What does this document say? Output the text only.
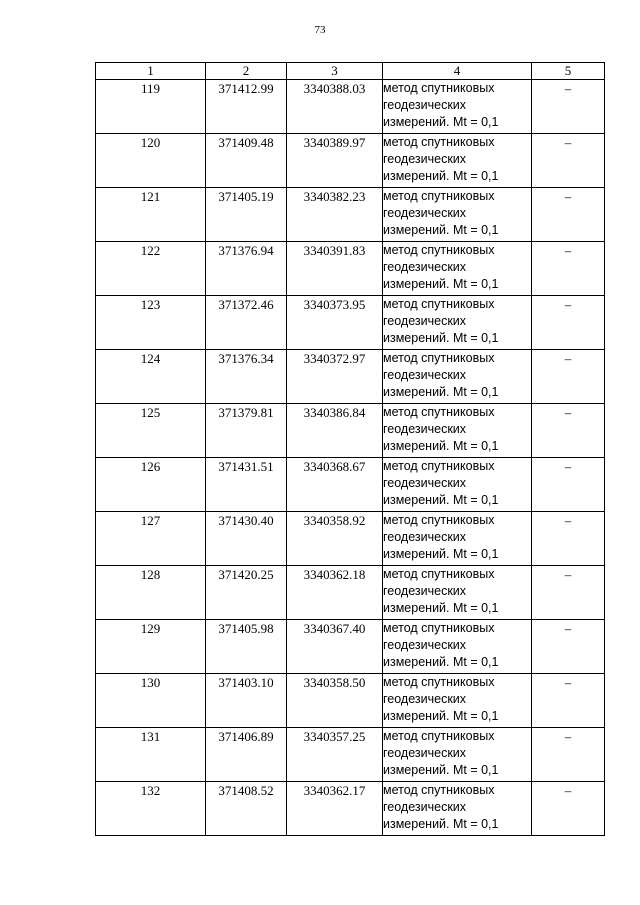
73
1	2	3	4	5
119	371412.99	3340388.03	метод спутниковых
геодезических
измерений. Mt = 0,1	–
120	371409.48	3340389.97	метод спутниковых
геодезических
измерений. Mt = 0,1	–
121	371405.19	3340382.23	метод спутниковых
геодезических
измерений. Mt = 0,1	–
122	371376.94	3340391.83	метод спутниковых
геодезических
измерений. Mt = 0,1	–
123	371372.46	3340373.95	метод спутниковых
геодезических
измерений. Mt = 0,1	–
124	371376.34	3340372.97	метод спутниковых
геодезических
измерений. Mt = 0,1	–
125	371379.81	3340386.84	метод спутниковых
геодезических
измерений. Mt = 0,1	–
126	371431.51	3340368.67	метод спутниковых
геодезических
измерений. Mt = 0,1	–
127	371430.40	3340358.92	метод спутниковых
геодезических
измерений. Mt = 0,1	–
128	371420.25	3340362.18	метод спутниковых
геодезических
измерений. Mt = 0,1	–
129	371405.98	3340367.40	метод спутниковых
геодезических
измерений. Mt = 0,1	–
130	371403.10	3340358.50	метод спутниковых
геодезических
измерений. Mt = 0,1	–
131	371406.89	3340357.25	метод спутниковых
геодезических
измерений. Mt = 0,1	–
132	371408.52	3340362.17	метод спутниковых
геодезических
измерений. Mt = 0,1	–
